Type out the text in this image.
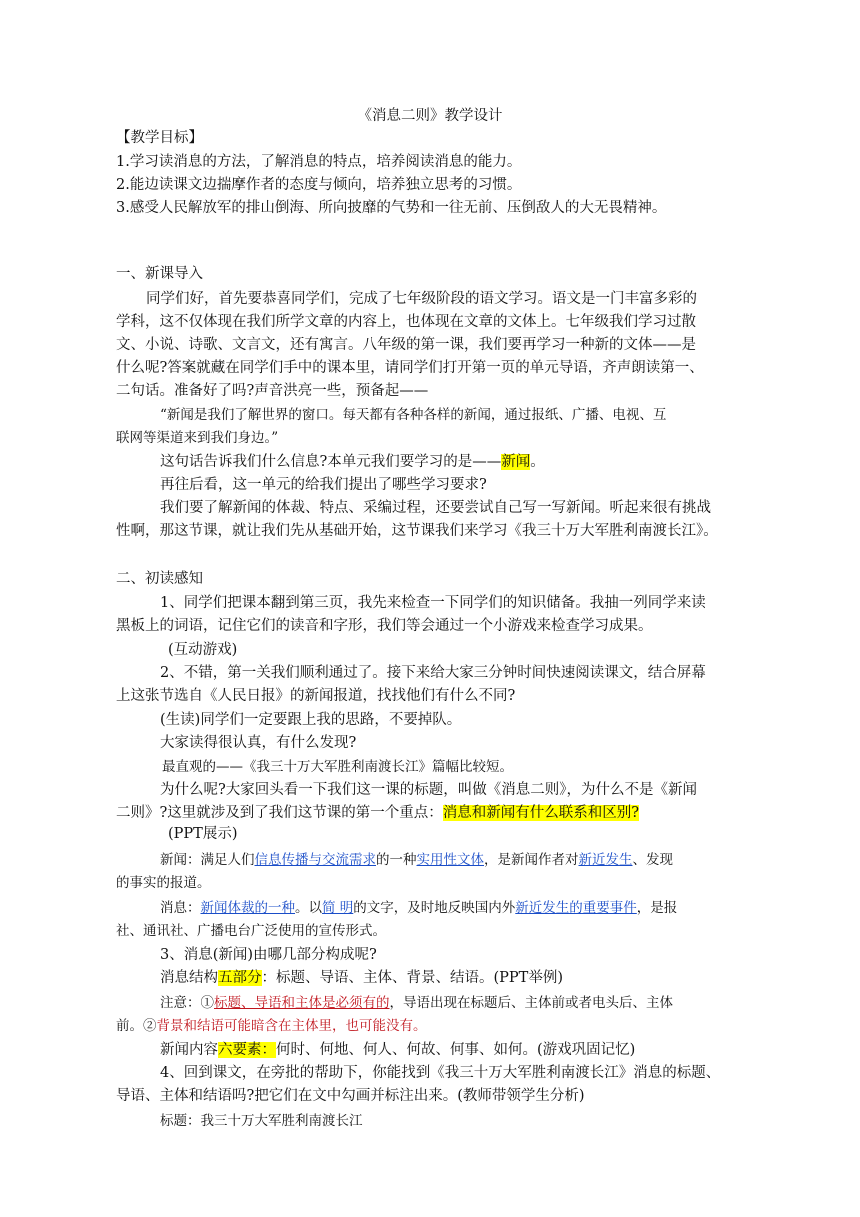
《消息二则》教学设计
【教学目标】
1.学习读消息的方法，了解消息的特点，培养阅读消息的能力。
2.能边读课文边揣摩作者的态度与倾向，培养独立思考的习惯。
3.感受人民解放军的排山倒海、所向披靡的气势和一往无前、压倒敌人的大无畏精神。
一、新课导入
同学们好，首先要恭喜同学们，完成了七年级阶段的语文学习。语文是一门丰富多彩的
学科，这不仅体现在我们所学文章的内容上，也体现在文章的文体上。七年级我们学习过散
文、小说、诗歌、文言文，还有寓言。八年级的第一课，我们要再学习一种新的文体——是
什么呢?答案就藏在同学们手中的课本里，请同学们打开第一页的单元导语，齐声朗读第一、
二句话。准备好了吗?声音洪亮一些，预备起——
“新闻是我们了解世界的窗口。每天都有各种各样的新闻，通过报纸、广播、电视、互
联网等渠道来到我们身边。”
这句话告诉我们什么信息?本单元我们要学习的是——新闻。
再往后看，这一单元的给我们提出了哪些学习要求?
我们要了解新闻的体裁、特点、采编过程，还要尝试自己写一写新闻。听起来很有挑战
性啊，那这节课，就让我们先从基础开始，这节课我们来学习《我三十万大军胜利南渡长江》。
二、初读感知
1、同学们把课本翻到第三页，我先来检查一下同学们的知识储备。我抽一列同学来读
黑板上的词语，记住它们的读音和字形，我们等会通过一个小游戏来检查学习成果。
(互动游戏)
2、不错，第一关我们顺利通过了。接下来给大家三分钟时间快速阅读课文，结合屏幕
上这张节选自《人民日报》的新闻报道，找找他们有什么不同?
(生读)同学们一定要跟上我的思路，不要掉队。
大家读得很认真，有什么发现?
最直观的——《我三十万大军胜利南渡长江》篇幅比较短。
为什么呢?大家回头看一下我们这一课的标题，叫做《消息二则》，为什么不是《新闻
二则》?这里就涉及到了我们这节课的第一个重点：消息和新闻有什么联系和区别?
(PPT展示)
新闻：满足人们信息传播与交流需求的一种实用性文体，是新闻作者对新近发生、发现
的事实的报道。
消息：新闻体裁的一种。以简 明的文字，及时地反映国内外新近发生的重要事件，是报
社、通讯社、广播电台广泛使用的宣传形式。
3、消息(新闻)由哪几部分构成呢?
消息结构五部分：标题、导语、主体、背景、结语。(PPT举例)
注意：①标题、导语和主体是必须有的，导语出现在标题后、主体前或者电头后、主体
前。②背景和结语可能暗含在主体里，也可能没有。
新闻内容六要素：何时、何地、何人、何故、何事、如何。(游戏巩固记忆)
4、回到课文，在旁批的帮助下，你能找到《我三十万大军胜利南渡长江》消息的标题、
导语、主体和结语吗?把它们在文中勾画并标注出来。(教师带领学生分析)
标题：我三十万大军胜利南渡长江
